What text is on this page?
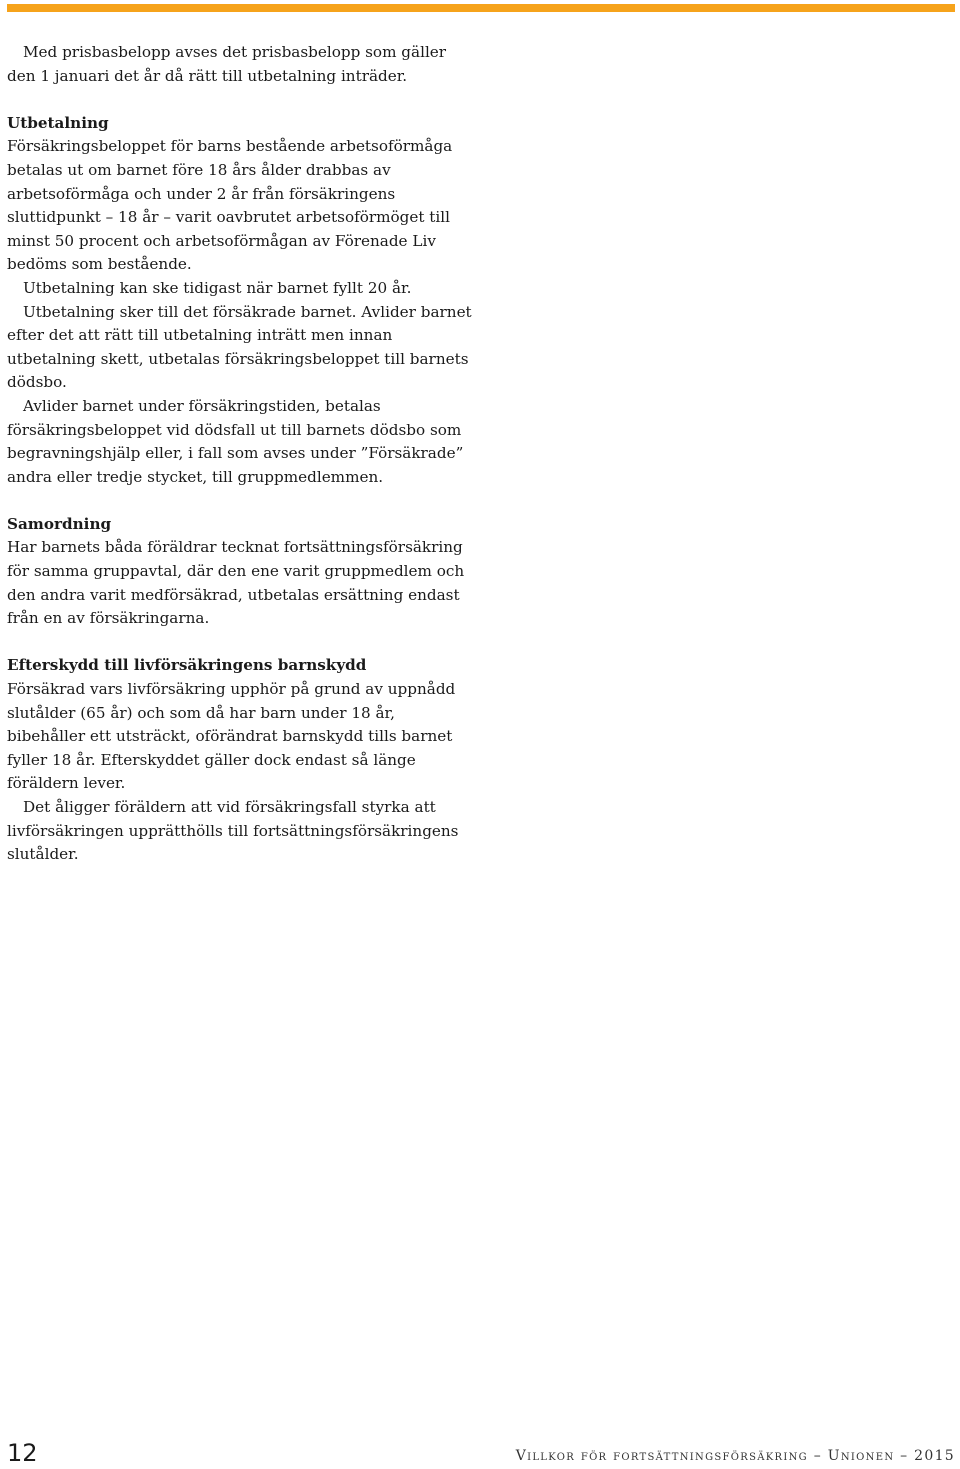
Med prisbasbelopp avses det prisbasbelopp som gäller den 1 januari det år då rätt till utbetalning inträder.

Utbetalning

Försäkringsbeloppet för barns bestående arbetsoförmåga betalas ut om barnet före 18 års ålder drabbas av arbetsoförmåga och under 2 år från försäkringens sluttidpunkt – 18 år – varit oavbrutet arbetsoförmöget till minst 50 procent och arbetsoförmågan av Förenade Liv bedöms som bestående.

Utbetalning kan ske tidigast när barnet fyllt 20 år.

Utbetalning sker till det försäkrade barnet. Avlider barnet efter det att rätt till utbetalning inträtt men innan utbetalning skett, utbetalas försäkringsbeloppet till barnets dödsbo.

Avlider barnet under försäkringstiden, betalas försäkringsbeloppet vid dödsfall ut till barnets dödsbo som begravningshjälp eller, i fall som avses under ”Försäkrade” andra eller tredje stycket, till gruppmedlemmen.

Samordning

Har barnets båda föräldrar tecknat fortsättningsförsäkring för samma gruppavtal, där den ene varit gruppmedlem och den andra varit medförsäkrad, utbetalas ersättning endast från en av försäkringarna.

Efterskydd till livförsäkringens barnskydd

Försäkrad vars livförsäkring upphör på grund av uppnådd slutålder (65 år) och som då har barn under 18 år, bibehåller ett utsträckt, oförändrat barnskydd tills barnet fyller 18 år. Efterskyddet gäller dock endast så länge föräldern lever.

Det åligger föräldern att vid försäkringsfall styrka att livförsäkringen upprätthölls till fortsättningsförsäkringens slutålder.

12	Villkor för fortsättningsförsäkring – Unionen – 2015
